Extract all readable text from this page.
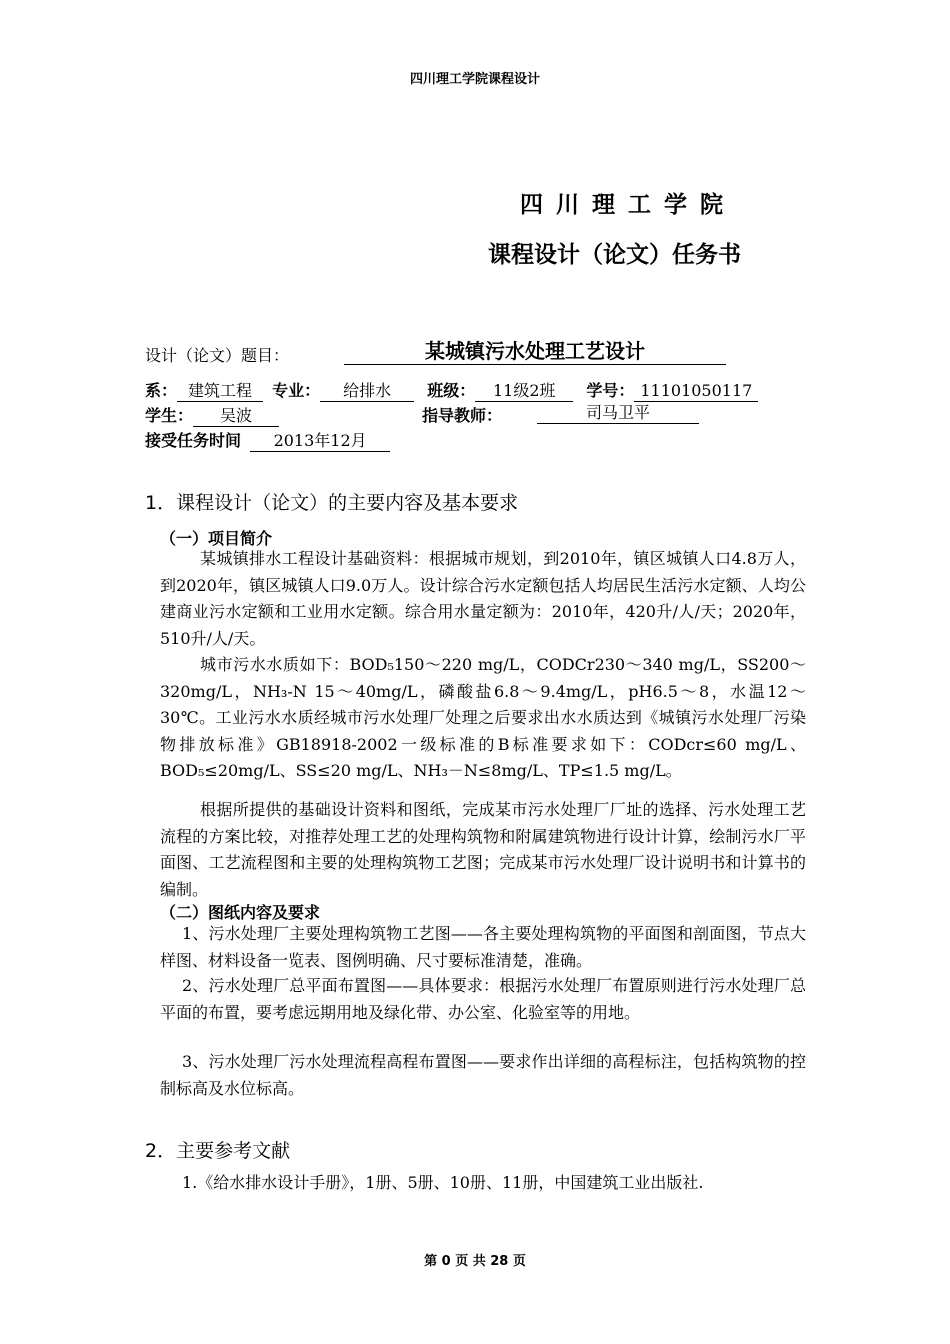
四川理工学院课程设计
四川理工学院
课程设计（论文）任务书
设计（论文）题目：	某城镇污水处理工艺设计
系： 建筑工程 专业： 给排水 班级： 11级2班 学号： 11101050117
学生： 吴波	指导教师：	司马卫平
接受任务时间 2013年12月
1．课程设计（论文）的主要内容及基本要求
（一）项目简介

某城镇排水工程设计基础资料：根据城市规划，到2010年，镇区城镇人口4.8万人，到2020年，镇区城镇人口9.0万人。设计综合污水定额包括人均居民生活污水定额、人均公建商业污水定额和工业用水定额。综合用水量定额为：2010年，420升/人/天；2020年，510升/人/天。

城市污水水质如下：BOD₅150～220 mg/L，CODCr230～340 mg/L，SS200～320mg/L，NH₃-N 15～40mg/L，磷酸盐6.8～9.4mg/L，pH6.5～8，水温12～30℃。工业污水水质经城市污水处理厂处理之后要求出水水质达到《城镇污水处理厂污染物排放标准》GB18918-2002一级标准的B标准要求如下：CODcr≤60 mg/L、BOD₅≤20mg/L、SS≤20 mg/L、NH₃－N≤8mg/L、TP≤1.5 mg/L。

根据所提供的基础设计资料和图纸，完成某市污水处理厂厂址的选择、污水处理工艺流程的方案比较，对推荐处理工艺的处理构筑物和附属建筑物进行设计计算，绘制污水厂平面图、工艺流程图和主要的处理构筑物工艺图；完成某市污水处理厂设计说明书和计算书的编制。

（二）图纸内容及要求

1、污水处理厂主要处理构筑物工艺图——各主要处理构筑物的平面图和剖面图，节点大样图、材料设备一览表、图例明确、尺寸要标准清楚，准确。

2、污水处理厂总平面布置图——具体要求：根据污水处理厂布置原则进行污水处理厂总平面的布置，要考虑远期用地及绿化带、办公室、化验室等的用地。

3、污水处理厂污水处理流程高程布置图——要求作出详细的高程标注，包括构筑物的控制标高及水位标高。

2．主要参考文献

1.《给水排水设计手册》，1册、5册、10册、11册，中国建筑工业出版社.

第 0 页 共 28 页
